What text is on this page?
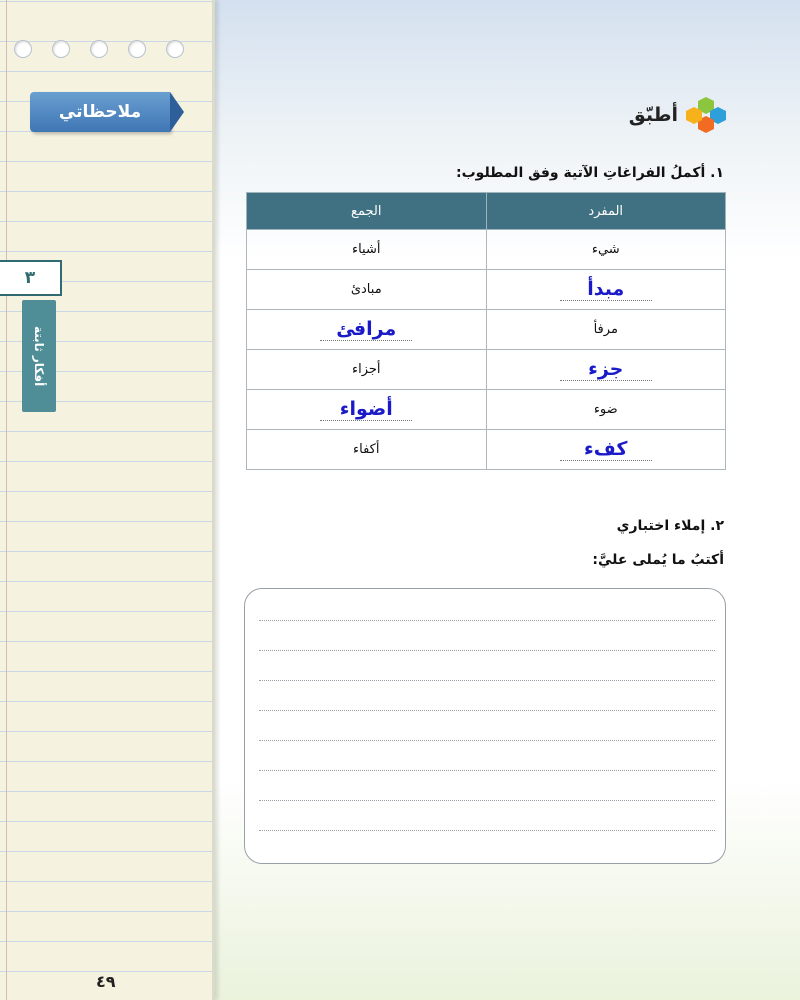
ملاحظاتي
٣
أفكار ثابتة
٤٩
أطبّق
١. أكملُ الفراغاتِ الآتية وفق المطلوب:
المفرد	الجمع
شيء	أشياء
مبدأ	مبادئ
مرفأ	مرافئ
جزء	أجزاء
ضوء	أضواء
كفء	أكفاء
٢. إملاء اختباري
أكتبُ ما يُملى عليَّ:
